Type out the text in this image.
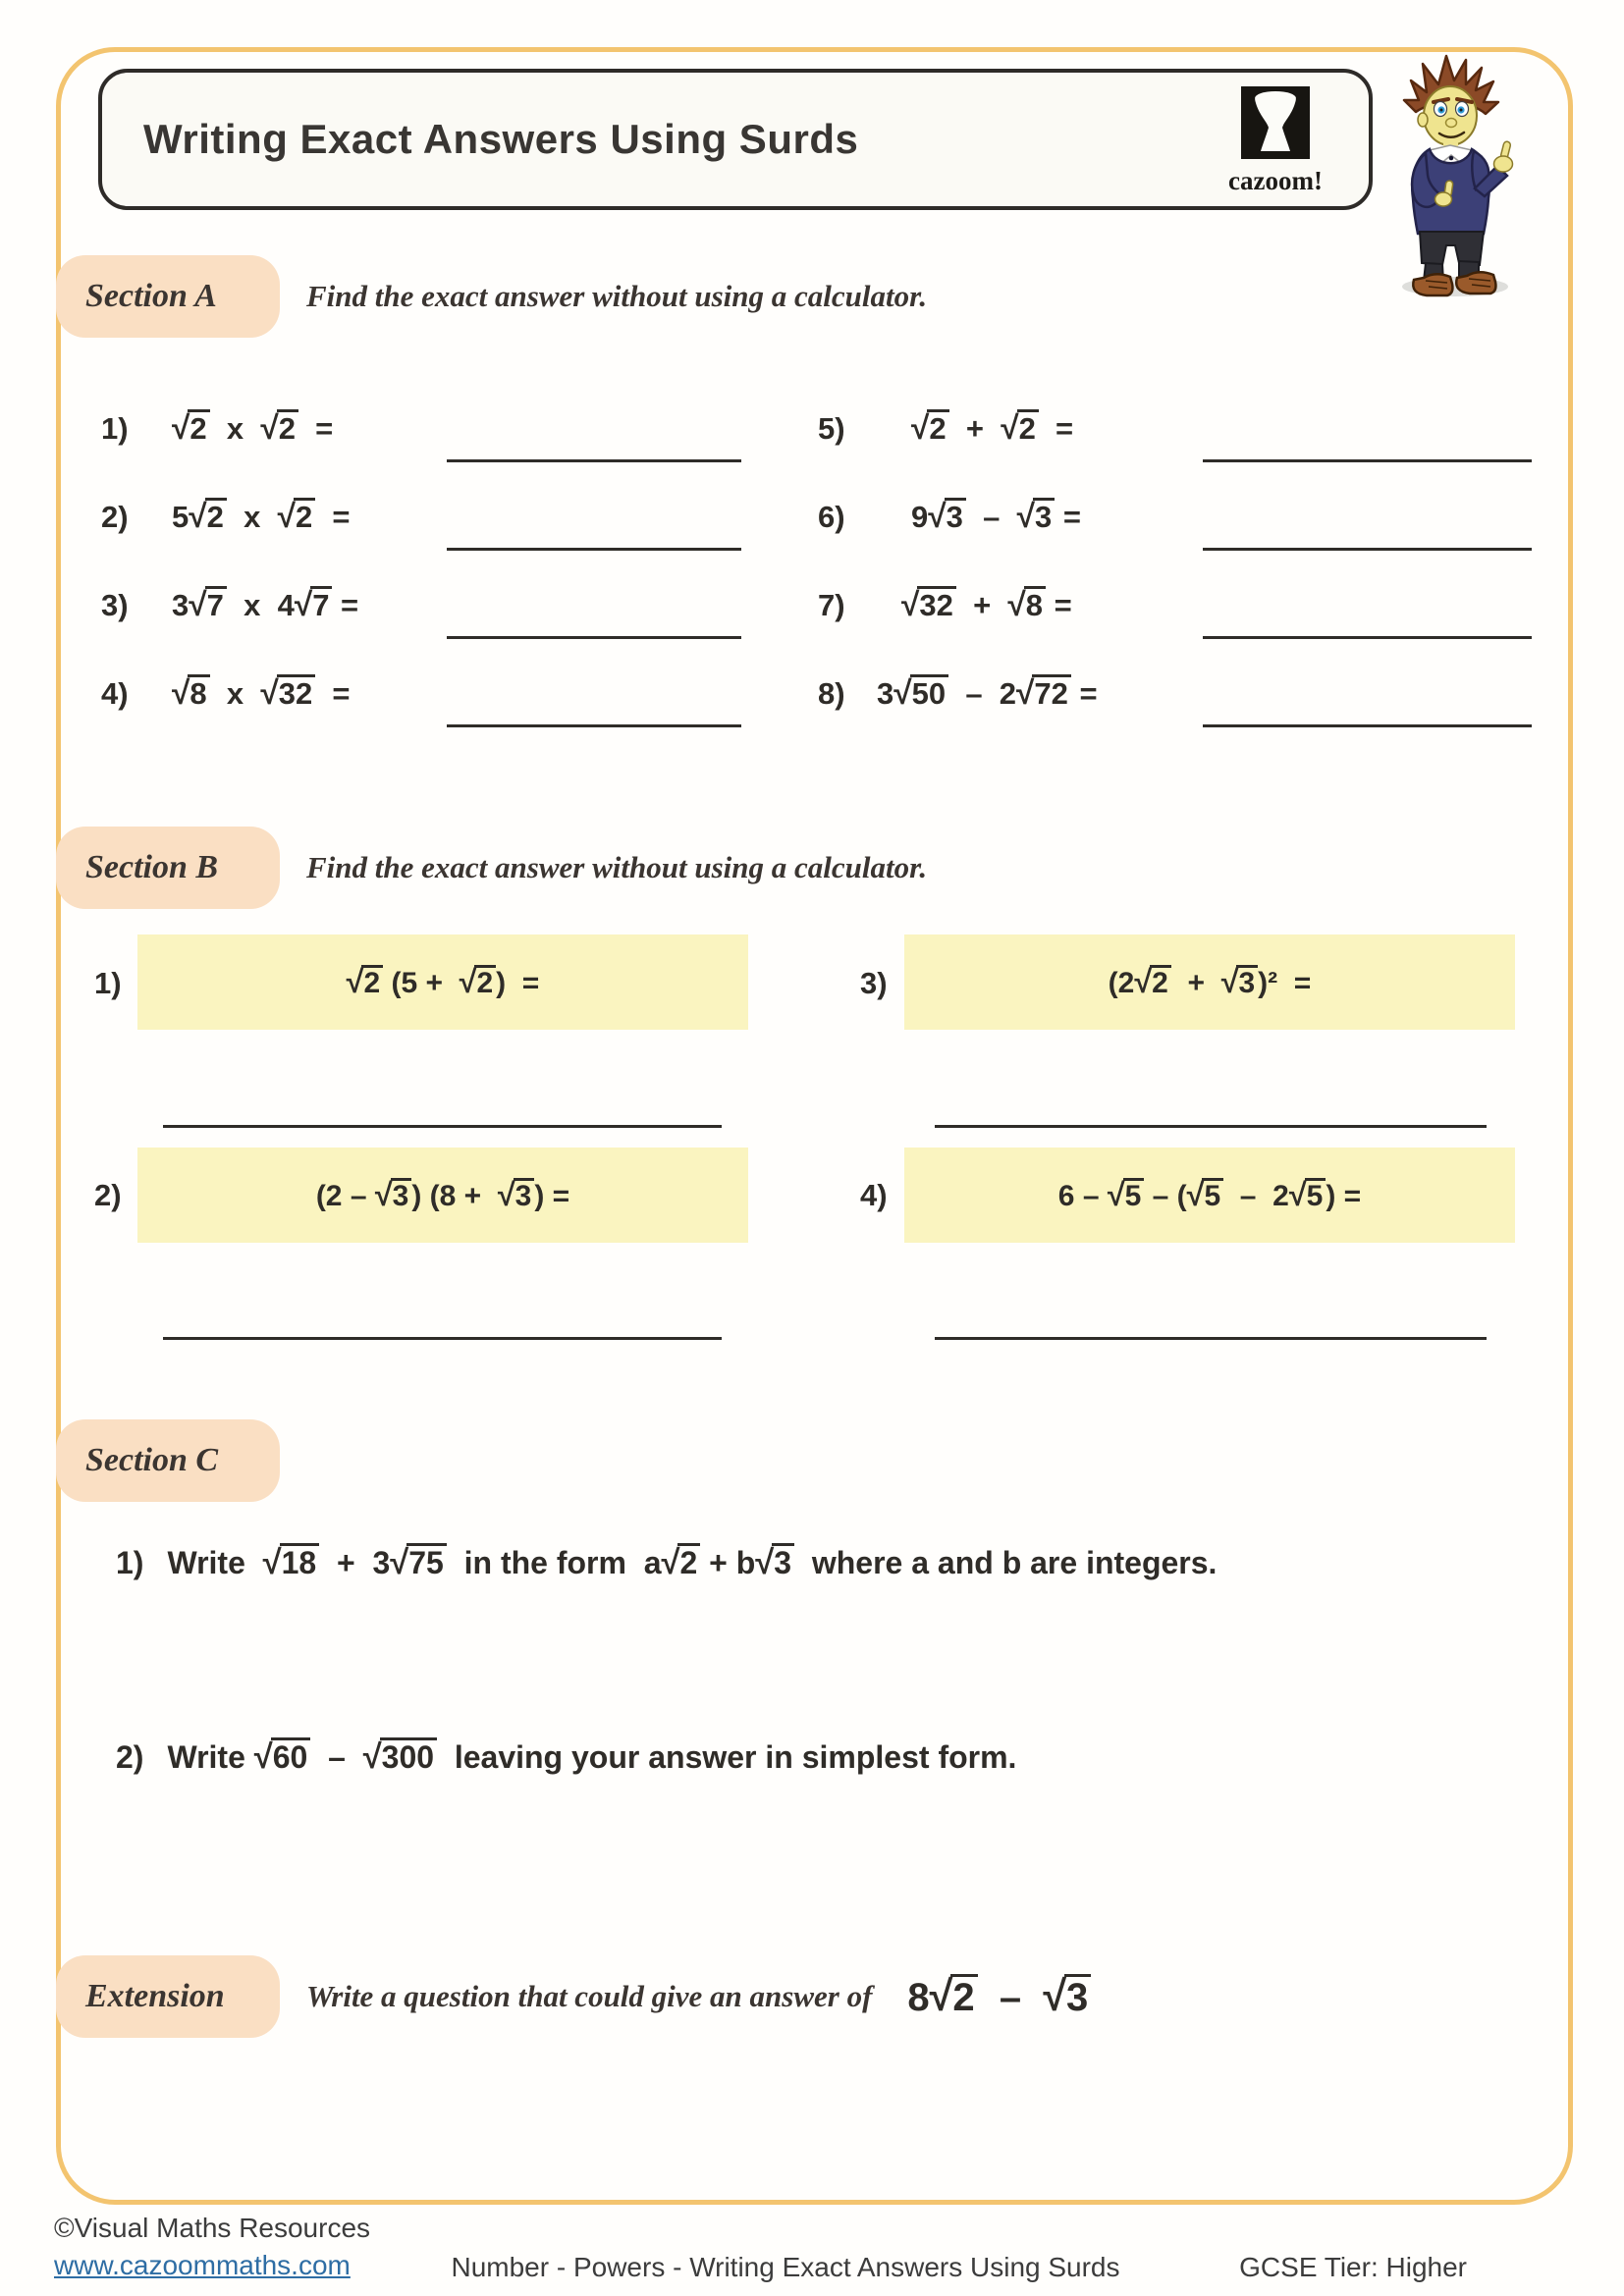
Writing Exact Answers Using Surds
cazoom!
Section A	Find the exact answer without using a calculator.
1) √2  x  √2  =
2) 5√2  x  √2  =
3) 3√7  x  4√7 =
4) √8  x  √32  =
5) √2  +  √2  =
6) 9√3  –  √3 =
7) √32  +  √8 =
8) 3√50  –  2√72 =
Section B	Find the exact answer without using a calculator.
1)	√2 (5 +  √2 )  =
2)	(2 – √3 ) (8 +  √3 ) =
3)	(2√2  +  √3 )²  =
4)	6 – √5 – (√5  –  2√5 ) =
Section C
1) Write  √18  +  3√75  in the form  a√2 + b√3  where a and b are integers.
2) Write √60  –  √300  leaving your answer in simplest form.
Extension	Write a question that could give an answer of 8√2  –  √3
©Visual Maths Resources
www.cazoommaths.com	Number - Powers - Writing Exact Answers Using Surds	GCSE Tier: Higher
